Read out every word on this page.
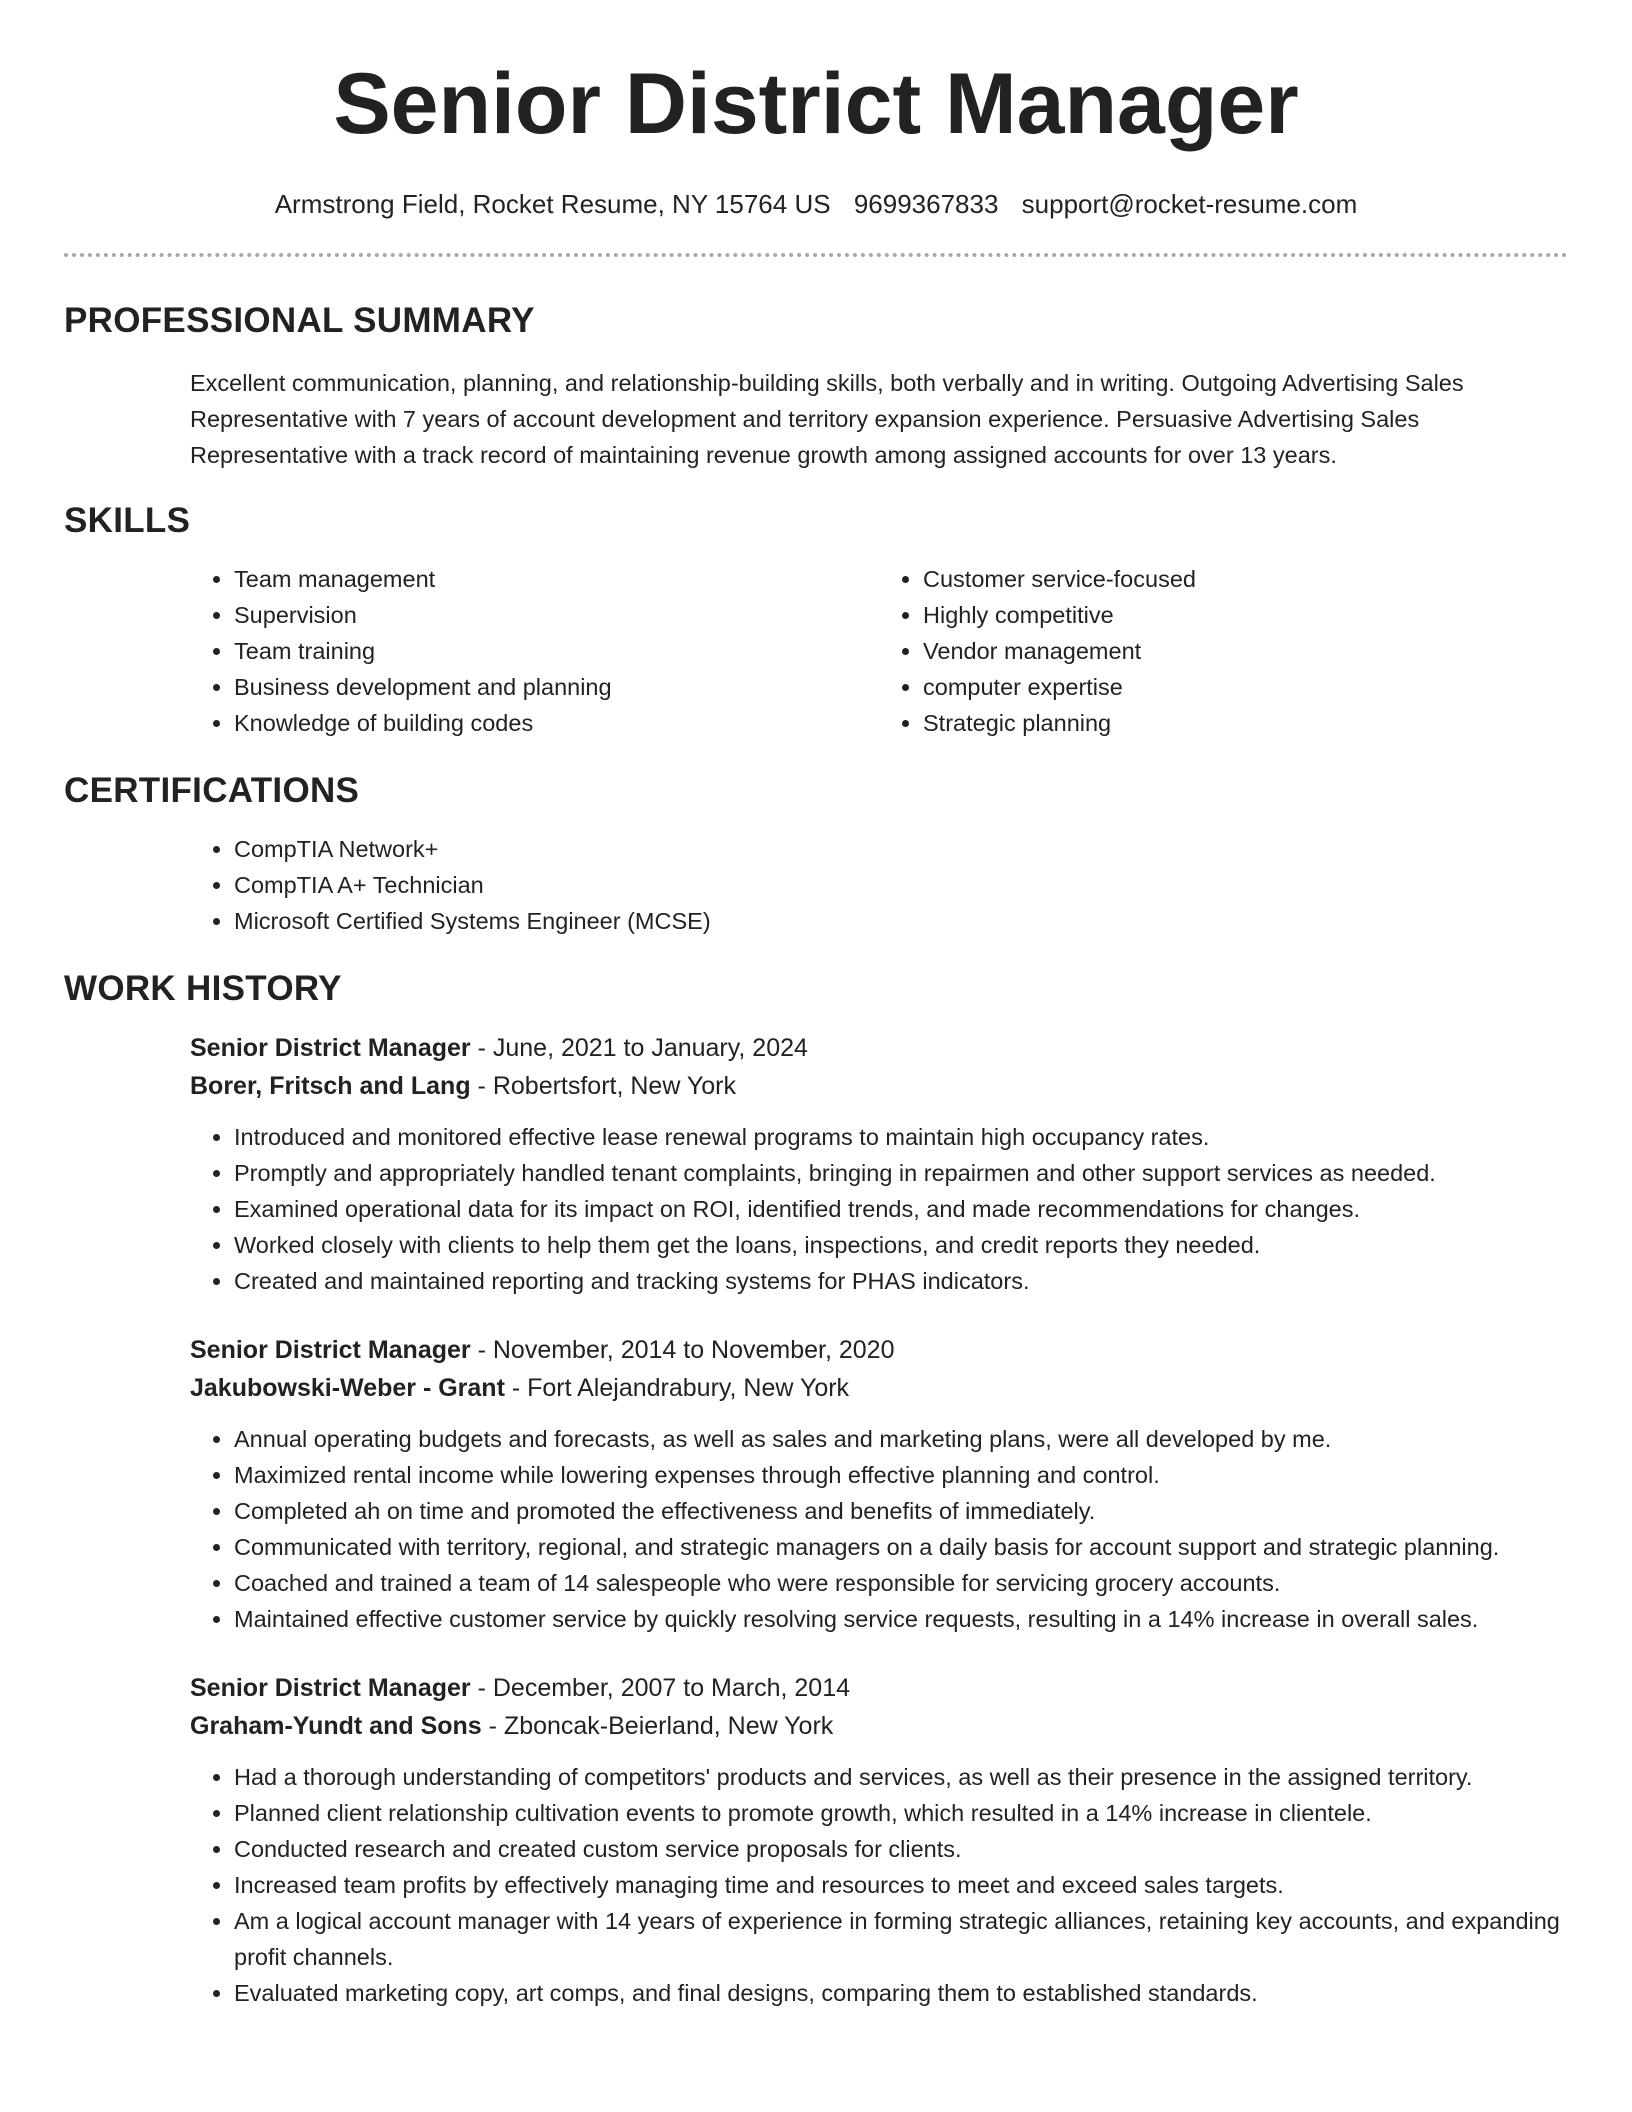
Senior District Manager
Armstrong Field, Rocket Resume, NY 15764 US 9699367833 support@rocket-resume.com
PROFESSIONAL SUMMARY

Excellent communication, planning, and relationship-building skills, both verbally and in writing. Outgoing Advertising Sales Representative with 7 years of account development and territory expansion experience. Persuasive Advertising Sales Representative with a track record of maintaining revenue growth among assigned accounts for over 13 years.

SKILLS
• Team management
• Supervision
• Team training
• Business development and planning
• Knowledge of building codes
• Customer service-focused
• Highly competitive
• Vendor management
• computer expertise
• Strategic planning
CERTIFICATIONS
• CompTIA Network+
• CompTIA A+ Technician
• Microsoft Certified Systems Engineer (MCSE)
WORK HISTORY
Senior District Manager - June, 2021 to January, 2024
Borer, Fritsch and Lang - Robertsfort, New York
• Introduced and monitored effective lease renewal programs to maintain high occupancy rates.
• Promptly and appropriately handled tenant complaints, bringing in repairmen and other support services as needed.
• Examined operational data for its impact on ROI, identified trends, and made recommendations for changes.
• Worked closely with clients to help them get the loans, inspections, and credit reports they needed.
• Created and maintained reporting and tracking systems for PHAS indicators.
Senior District Manager - November, 2014 to November, 2020
Jakubowski-Weber - Grant - Fort Alejandrabury, New York
• Annual operating budgets and forecasts, as well as sales and marketing plans, were all developed by me.
• Maximized rental income while lowering expenses through effective planning and control.
• Completed ah on time and promoted the effectiveness and benefits of immediately.
• Communicated with territory, regional, and strategic managers on a daily basis for account support and strategic planning.
• Coached and trained a team of 14 salespeople who were responsible for servicing grocery accounts.
• Maintained effective customer service by quickly resolving service requests, resulting in a 14% increase in overall sales.
Senior District Manager - December, 2007 to March, 2014
Graham-Yundt and Sons - Zboncak-Beierland, New York
• Had a thorough understanding of competitors' products and services, as well as their presence in the assigned territory.
• Planned client relationship cultivation events to promote growth, which resulted in a 14% increase in clientele.
• Conducted research and created custom service proposals for clients.
• Increased team profits by effectively managing time and resources to meet and exceed sales targets.
• Am a logical account manager with 14 years of experience in forming strategic alliances, retaining key accounts, and expanding profit channels.
• Evaluated marketing copy, art comps, and final designs, comparing them to established standards.
